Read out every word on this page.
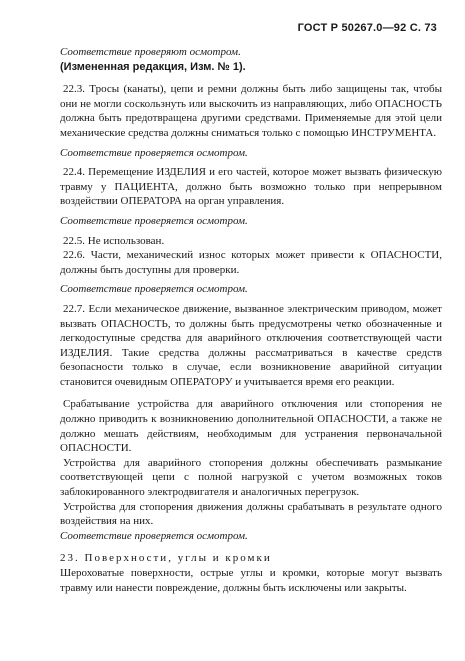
ГОСТ Р 50267.0—92 С. 73

Соответствие проверяют осмотром.

(Измененная редакция, Изм. № 1).

22.3. Тросы (канаты), цепи и ремни должны быть либо защищены так, чтобы они не могли соскользнуть или выскочить из направляющих, либо ОПАСНОСТЬ должна быть предотвращена другими средствами. Применяемые для этой цели механические средства должны сниматься только с помощью ИНСТРУМЕНТА.

Соответствие проверяется осмотром.

22.4. Перемещение ИЗДЕЛИЯ и его частей, которое может вызвать физическую травму у ПАЦИЕНТА, должно быть возможно только при непрерывном воздействии ОПЕРАТОРА на орган управления.

Соответствие проверяется осмотром.

22.5. Не использован.

22.6. Части, механический износ которых может привести к ОПАСНОСТИ, должны быть доступны для проверки.

Соответствие проверяется осмотром.

22.7. Если механическое движение, вызванное электрическим приводом, может вызвать ОПАСНОСТЬ, то должны быть предусмотрены четко обозначенные и легкодоступные средства для аварийного отключения соответствующей части ИЗДЕЛИЯ. Такие средства должны рассматриваться в качестве средств безопасности только в случае, если возникновение аварийной ситуации становится очевидным ОПЕРАТОРУ и учитывается время его реакции.

Срабатывание устройства для аварийного отключения или стопорения не должно приводить к возникновению дополнительной ОПАСНОСТИ, а также не должно мешать действиям, необходимым для устранения первоначальной ОПАСНОСТИ.

Устройства для аварийного стопорения должны обеспечивать размыкание соответствующей цепи с полной нагрузкой с учетом возможных токов заблокированного электродвигателя и аналогичных перегрузок.

Устройства для стопорения движения должны срабатывать в результате одного воздействия на них.

Соответствие проверяется осмотром.

23. Поверхности, углы и кромки

Шероховатые поверхности, острые углы и кромки, которые могут вызвать травму или нанести повреждение, должны быть исключены или закрыты.
